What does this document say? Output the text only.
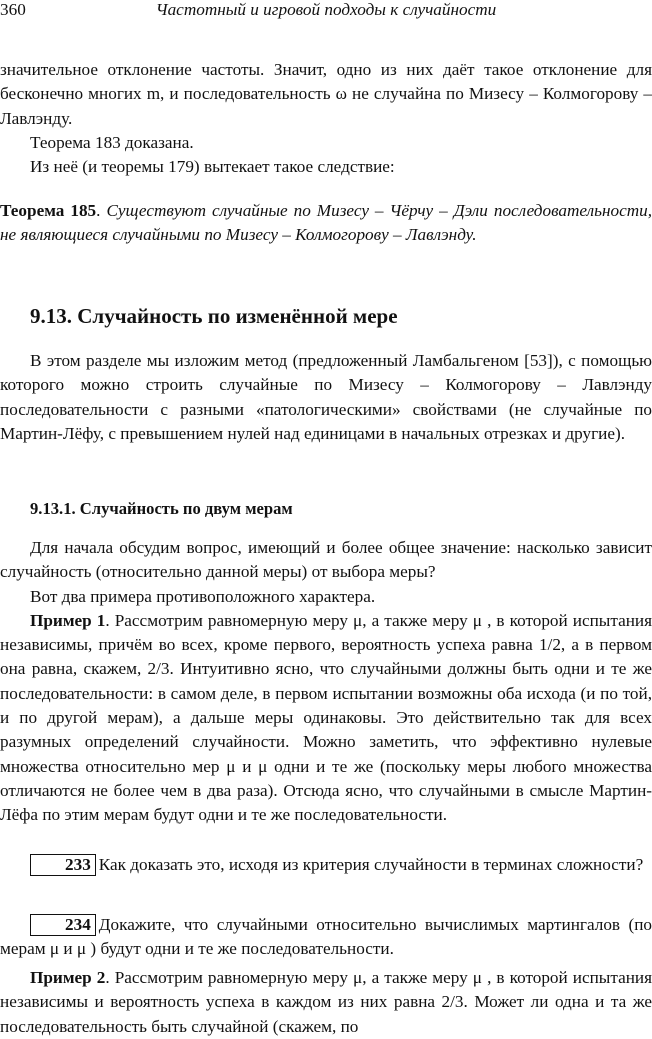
360	Частотный и игровой подходы к случайности

значительное отклонение частоты. Значит, одно из них даёт такое отклонение для бесконечно многих m, и последовательность ω не случайна по Мизесу – Колмогорову – Лавлэнду.

Теорема 183 доказана.

Из неё (и теоремы 179) вытекает такое следствие:

Теорема 185. Существуют случайные по Мизесу – Чёрчу – Дэли последовательности, не являющиеся случайными по Мизесу – Колмогорову – Лавлэнду.

9.13. Случайность по изменённой мере

В этом разделе мы изложим метод (предложенный Ламбальгеном [53]), с помощью которого можно строить случайные по Мизесу – Колмогорову – Лавлэнду последовательности с разными «патологическими» свойствами (не случайные по Мартин-Лёфу, с превышением нулей над единицами в начальных отрезках и другие).

9.13.1. Случайность по двум мерам

Для начала обсудим вопрос, имеющий и более общее значение: насколько зависит случайность (относительно данной меры) от выбора меры?

Вот два примера противоположного характера.

Пример 1. Рассмотрим равномерную меру μ, а также меру μ , в которой испытания независимы, причём во всех, кроме первого, вероятность успеха равна 1/2, а в первом она равна, скажем, 2/3. Интуитивно ясно, что случайными должны быть одни и те же последовательности: в самом деле, в первом испытании возможны оба исхода (и по той, и по другой мерам), а дальше меры одинаковы. Это действительно так для всех разумных определений случайности. Можно заметить, что эффективно нулевые множества относительно мер μ и μ одни и те же (поскольку меры любого множества отличаются не более чем в два раза). Отсюда ясно, что случайными в смысле Мартин-Лёфа по этим мерам будут одни и те же последовательности.

233 Как доказать это, исходя из критерия случайности в терминах сложности?

234 Докажите, что случайными относительно вычислимых мартингалов (по мерам μ и μ ) будут одни и те же последовательности.

Пример 2. Рассмотрим равномерную меру μ, а также меру μ , в которой испытания независимы и вероятность успеха в каждом из них равна 2/3. Может ли одна и та же последовательность быть случайной (скажем, по
